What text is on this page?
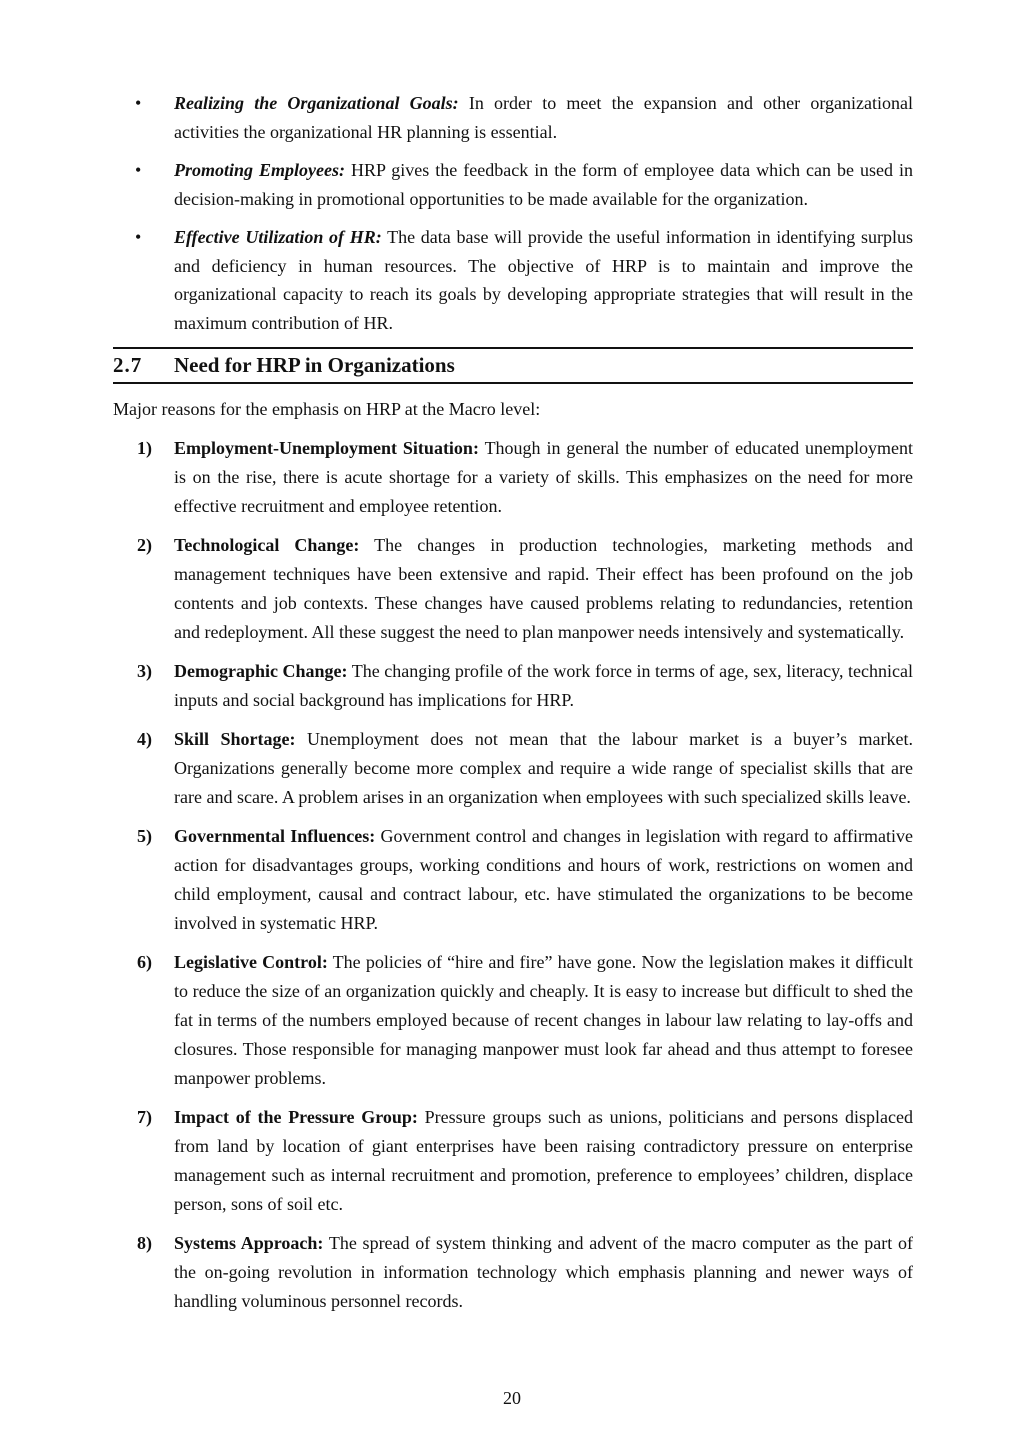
• Realizing the Organizational Goals: In order to meet the expansion and other organizational activities the organizational HR planning is essential.
• Promoting Employees: HRP gives the feedback in the form of employee data which can be used in decision-making in promotional opportunities to be made available for the organization.
• Effective Utilization of HR: The data base will provide the useful information in identifying surplus and deficiency in human resources. The objective of HRP is to maintain and improve the organizational capacity to reach its goals by developing appropriate strategies that will result in the maximum contribution of HR.
2.7	Need for HRP in Organizations
Major reasons for the emphasis on HRP at the Macro level:
1) Employment-Unemployment Situation: Though in general the number of educated unemployment is on the rise, there is acute shortage for a variety of skills. This emphasizes on the need for more effective recruitment and employee retention.
2) Technological Change: The changes in production technologies, marketing methods and management techniques have been extensive and rapid. Their effect has been profound on the job contents and job contexts. These changes have caused problems relating to redundancies, retention and redeployment. All these suggest the need to plan manpower needs intensively and systematically.
3) Demographic Change: The changing profile of the work force in terms of age, sex, literacy, technical inputs and social background has implications for HRP.
4) Skill Shortage: Unemployment does not mean that the labour market is a buyer’s market. Organizations generally become more complex and require a wide range of specialist skills that are rare and scare. A problem arises in an organization when employees with such specialized skills leave.
5) Governmental Influences: Government control and changes in legislation with regard to affirmative action for disadvantages groups, working conditions and hours of work, restrictions on women and child employment, causal and contract labour, etc. have stimulated the organizations to be become involved in systematic HRP.
6) Legislative Control: The policies of “hire and fire” have gone. Now the legislation makes it difficult to reduce the size of an organization quickly and cheaply. It is easy to increase but difficult to shed the fat in terms of the numbers employed because of recent changes in labour law relating to lay-offs and closures. Those responsible for managing manpower must look far ahead and thus attempt to foresee manpower problems.
7) Impact of the Pressure Group: Pressure groups such as unions, politicians and persons displaced from land by location of giant enterprises have been raising contradictory pressure on enterprise management such as internal recruitment and promotion, preference to employees’ children, displace person, sons of soil etc.
8) Systems Approach: The spread of system thinking and advent of the macro computer as the part of the on-going revolution in information technology which emphasis planning and newer ways of handling voluminous personnel records.
20
